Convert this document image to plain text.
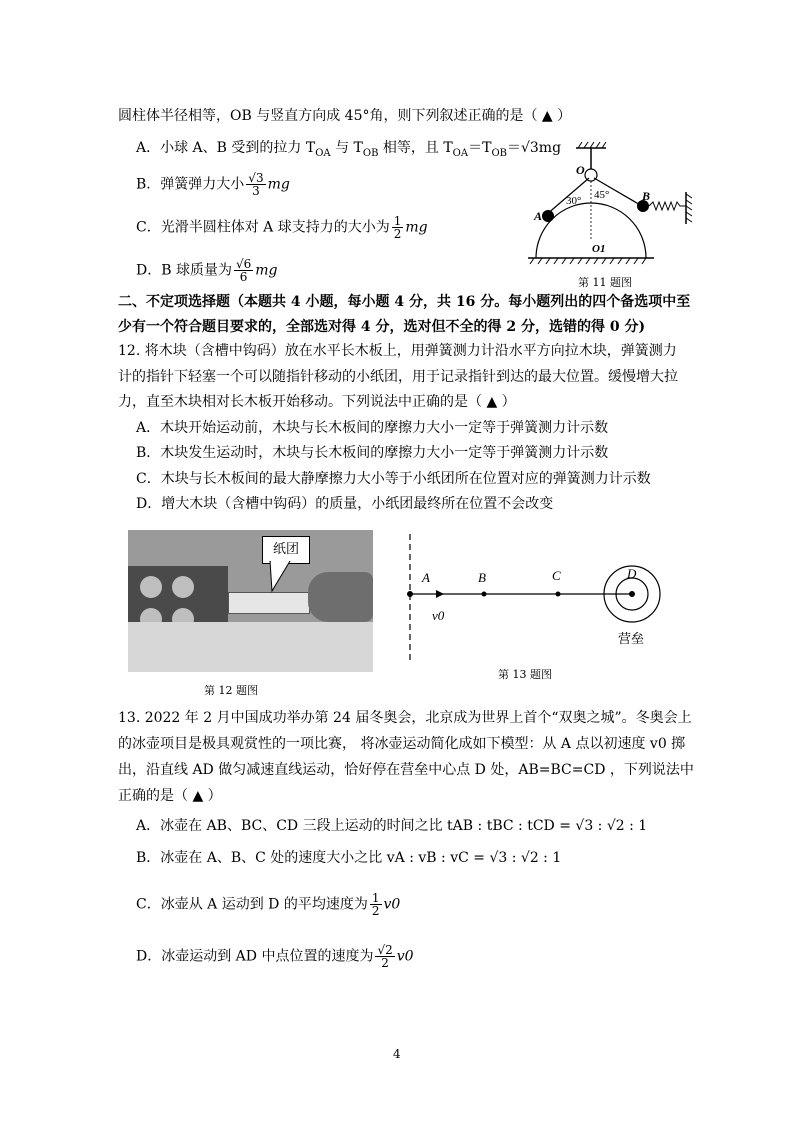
圆柱体半径相等，OB 与竖直方向成 45°角，则下列叙述正确的是（ ▲ ）
A．小球 A、B 受到的拉力 $T_{OA}$ 与 $T_{OB}$ 相等，且 $T_{OA}=T_{OB}=√3mg$
B．弹簧弹力大小 $\frac{√3}{3}$ mg
C．光滑半圆柱体对 A 球支持力的大小为 $\frac{1}{2}$ mg
D．B 球质量为 $\frac{√6}{6}$ mg
O
A
B
O1
30° 45°
第 11 题图
二、不定项选择题（本题共 4 小题，每小题 4 分，共 16 分。每小题列出的四个备选项中至
少有一个符合题目要求的，全部选对得 4 分，选对但不全的得 2 分，选错的得 0 分)
12. 将木块（含槽中钩码）放在水平长木板上，用弹簧测力计沿水平方向拉木块，弹簧测力
计的指针下轻塞一个可以随指针移动的小纸团，用于记录指针到达的最大位置。缓慢增大拉
力，直至木块相对长木板开始移动。下列说法中正确的是（ ▲ ）
A．木块开始运动前，木块与长木板间的摩擦力大小一定等于弹簧测力计示数
B．木块发生运动时，木块与长木板间的摩擦力大小一定等于弹簧测力计示数
C．木块与长木板间的最大静摩擦力大小等于小纸团所在位置对应的弹簧测力计示数
D．增大木块（含槽中钩码）的质量，小纸团最终所在位置不会改变
纸团
第 12 题图
A	B	C	D
v0
营垒
第 13 题图
13. 2022 年 2 月中国成功举办第 24 届冬奥会，北京成为世界上首个“双奥之城”。冬奥会上
的冰壶项目是极具观赏性的一项比赛， 将冰壶运动简化成如下模型：从 A 点以初速度 v0 掷
出，沿直线 AD 做匀减速直线运动，恰好停在营垒中心点 D 处，AB=BC=CD ，下列说法中
正确的是（ ▲ ）
A．冰壶在 AB、BC、CD 三段上运动的时间之比 tAB : tBC : tCD = √3 : √2 : 1
B．冰壶在 A、B、C 处的速度大小之比 vA : vB : vC = √3 : √2 : 1
C．冰壶从 A 运动到 D 的平均速度为 $\frac{1}{2} v0$
D．冰壶运动到 AD 中点位置的速度为 $\frac{√2}{2} v0$
4
